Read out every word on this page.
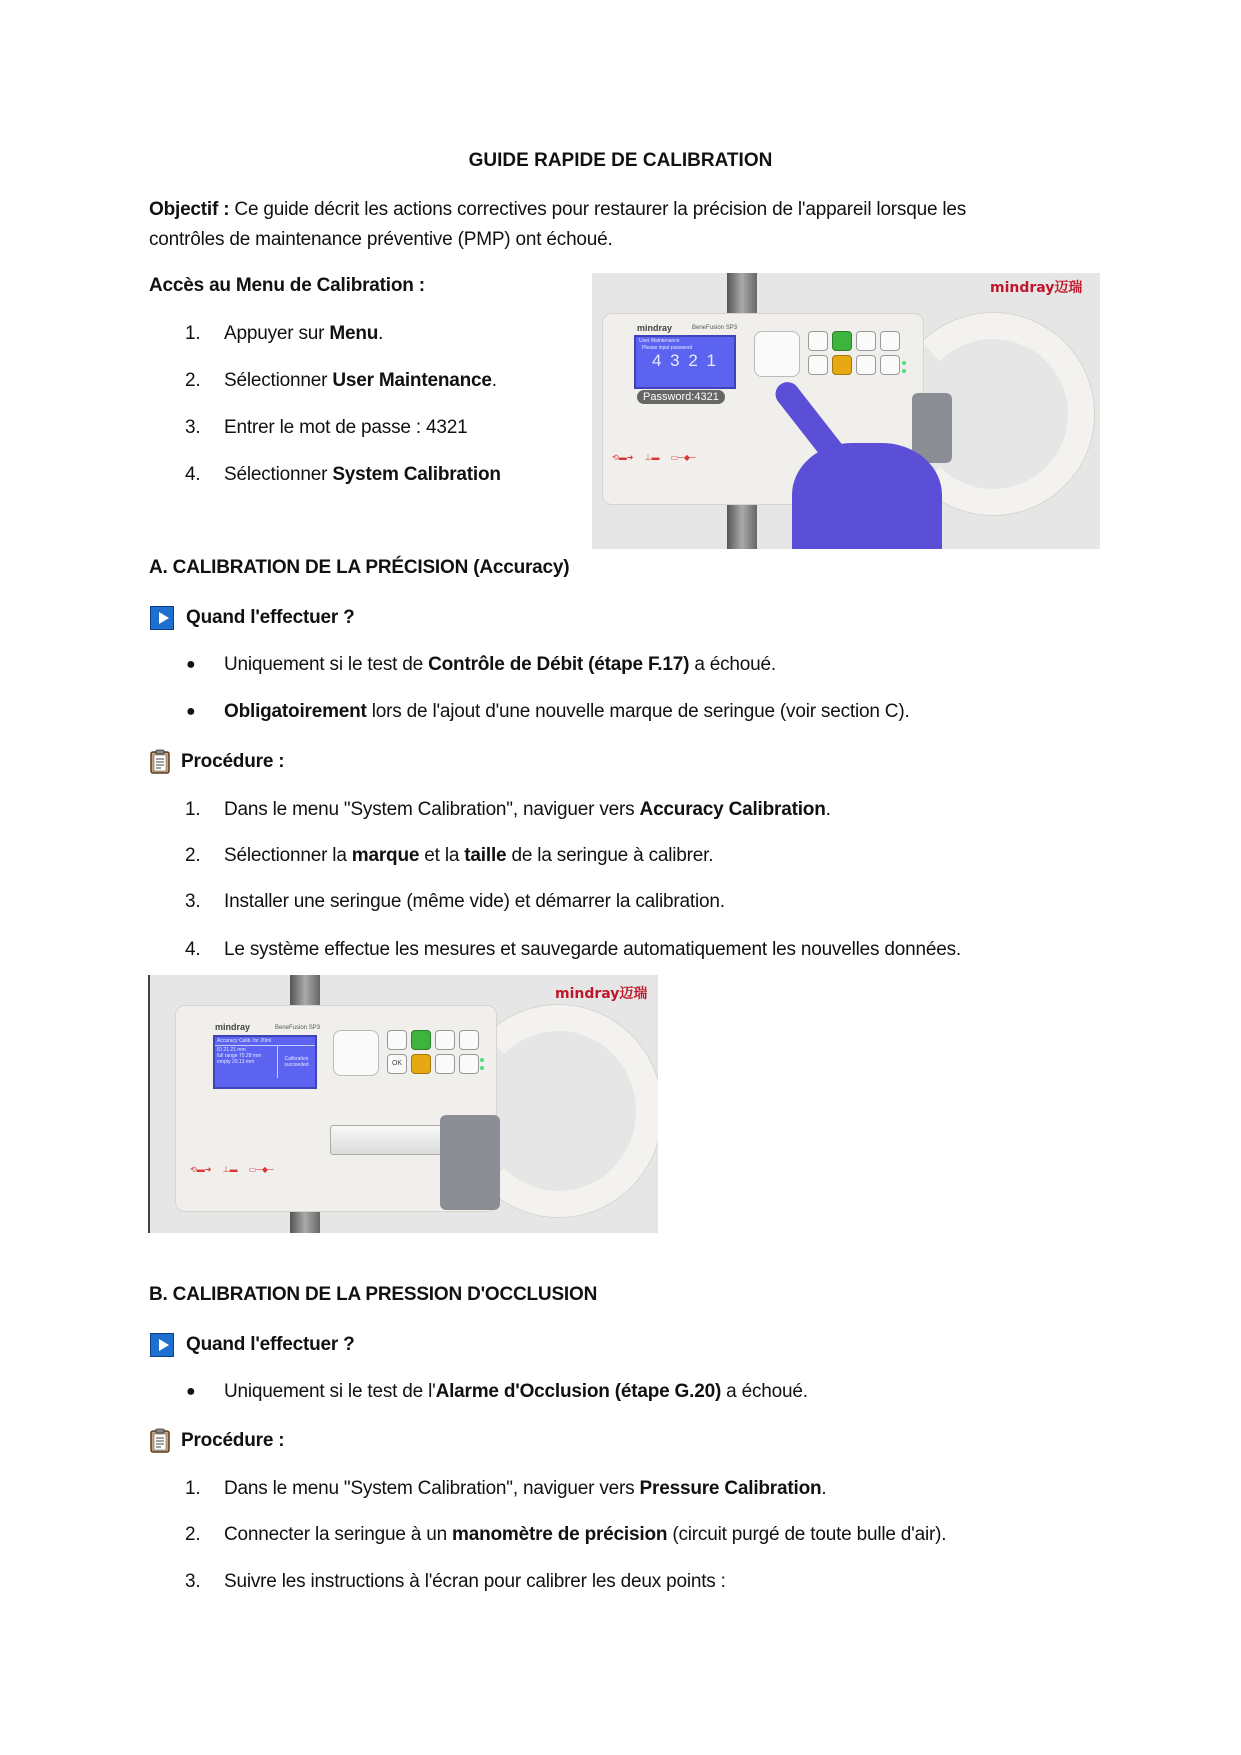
GUIDE RAPIDE DE CALIBRATION
Objectif : Ce guide décrit les actions correctives pour restaurer la précision de l'appareil lorsque les
contrôles de maintenance préventive (PMP) ont échoué.
Accès au Menu de Calibration :
1. Appuyer sur Menu.
2. Sélectionner User Maintenance.
3. Entrer le mot de passe : 4321
4. Sélectionner System Calibration
mindray迈瑞
mindray	BeneFusion SP3
User Maintenance
Please input password
4 3 2 1
Password:4321
⟲▬➜     ⊥▬     ▭─◆─
A. CALIBRATION DE LA PRÉCISION (Accuracy)
Quand l'effectuer ?
● Uniquement si le test de Contrôle de Débit (étape F.17) a échoué.
● Obligatoirement lors de l'ajout d'une nouvelle marque de seringue (voir section C).
Procédure :
1. Dans le menu "System Calibration", naviguer vers Accuracy Calibration.
2. Sélectionner la marque et la taille de la seringue à calibrer.
3. Installer une seringue (même vide) et démarrer la calibration.
4. Le système effectue les mesures et sauvegarde automatiquement les nouvelles données.
mindray迈瑞
mindray	BeneFusion SP3
Accuracy Calib. for 20ml
ID 21.21 mm
full range 70.28 mm
empty 20.13 mm	Calibration succeeded	OK
⟲▬➜     ⊥▬     ▭─◆─
B. CALIBRATION DE LA PRESSION D'OCCLUSION
Quand l'effectuer ?
● Uniquement si le test de l'Alarme d'Occlusion (étape G.20) a échoué.
Procédure :
1. Dans le menu "System Calibration", naviguer vers Pressure Calibration.
2. Connecter la seringue à un manomètre de précision (circuit purgé de toute bulle d'air).
3. Suivre les instructions à l'écran pour calibrer les deux points :
